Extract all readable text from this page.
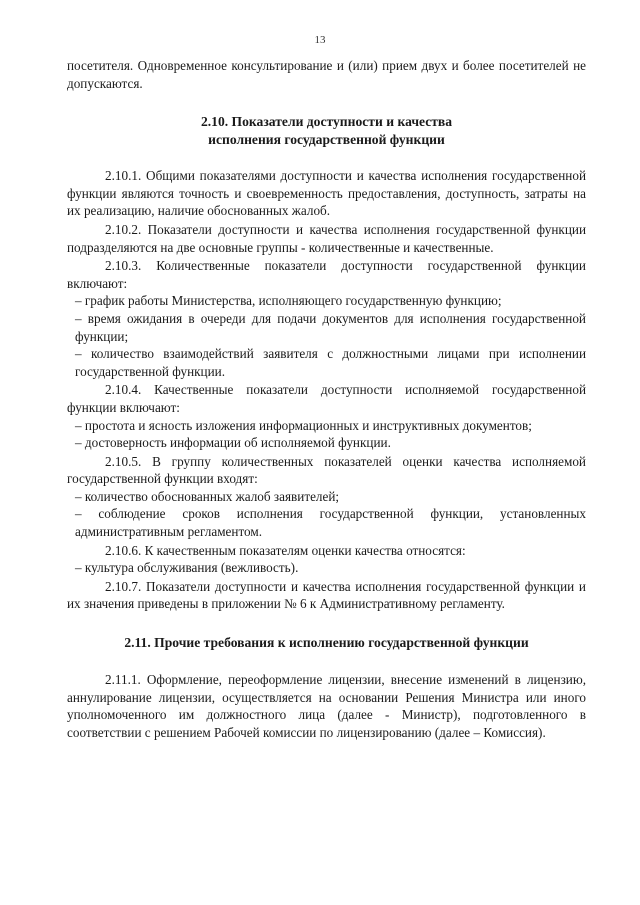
13

посетителя. Одновременное консультирование и (или) прием двух и более посетителей не допускаются.

2.10. Показатели доступности и качества
исполнения государственной функции

2.10.1. Общими показателями доступности и качества исполнения государственной функции являются точность и своевременность предоставления, доступность, затраты на их реализацию, наличие обоснованных жалоб.

2.10.2. Показатели доступности и качества исполнения государственной функции подразделяются на две основные группы - количественные и качественные.

2.10.3. Количественные показатели доступности государственной функции включают:

– график работы Министерства, исполняющего государственную функцию;

– время ожидания в очереди для подачи документов для исполнения государственной функции;

– количество взаимодействий заявителя с должностными лицами при исполнении государственной функции.

2.10.4. Качественные показатели доступности исполняемой государственной функции включают:

– простота и ясность изложения информационных и инструктивных документов;

– достоверность информации об исполняемой функции.

2.10.5. В группу количественных показателей оценки качества исполняемой государственной функции входят:

– количество обоснованных жалоб заявителей;

– соблюдение сроков исполнения государственной функции, установленных административным регламентом.

2.10.6. К качественным показателям оценки качества относятся:

– культура обслуживания (вежливость).

2.10.7. Показатели доступности и качества исполнения государственной функции и их значения приведены в приложении № 6 к Административному регламенту.

2.11. Прочие требования к исполнению государственной функции

2.11.1. Оформление, переоформление лицензии, внесение изменений в лицензию, аннулирование лицензии, осуществляется на основании Решения Министра или иного уполномоченного им должностного лица (далее - Министр), подготовленного в соответствии с решением Рабочей комиссии по лицензированию (далее – Комиссия).
